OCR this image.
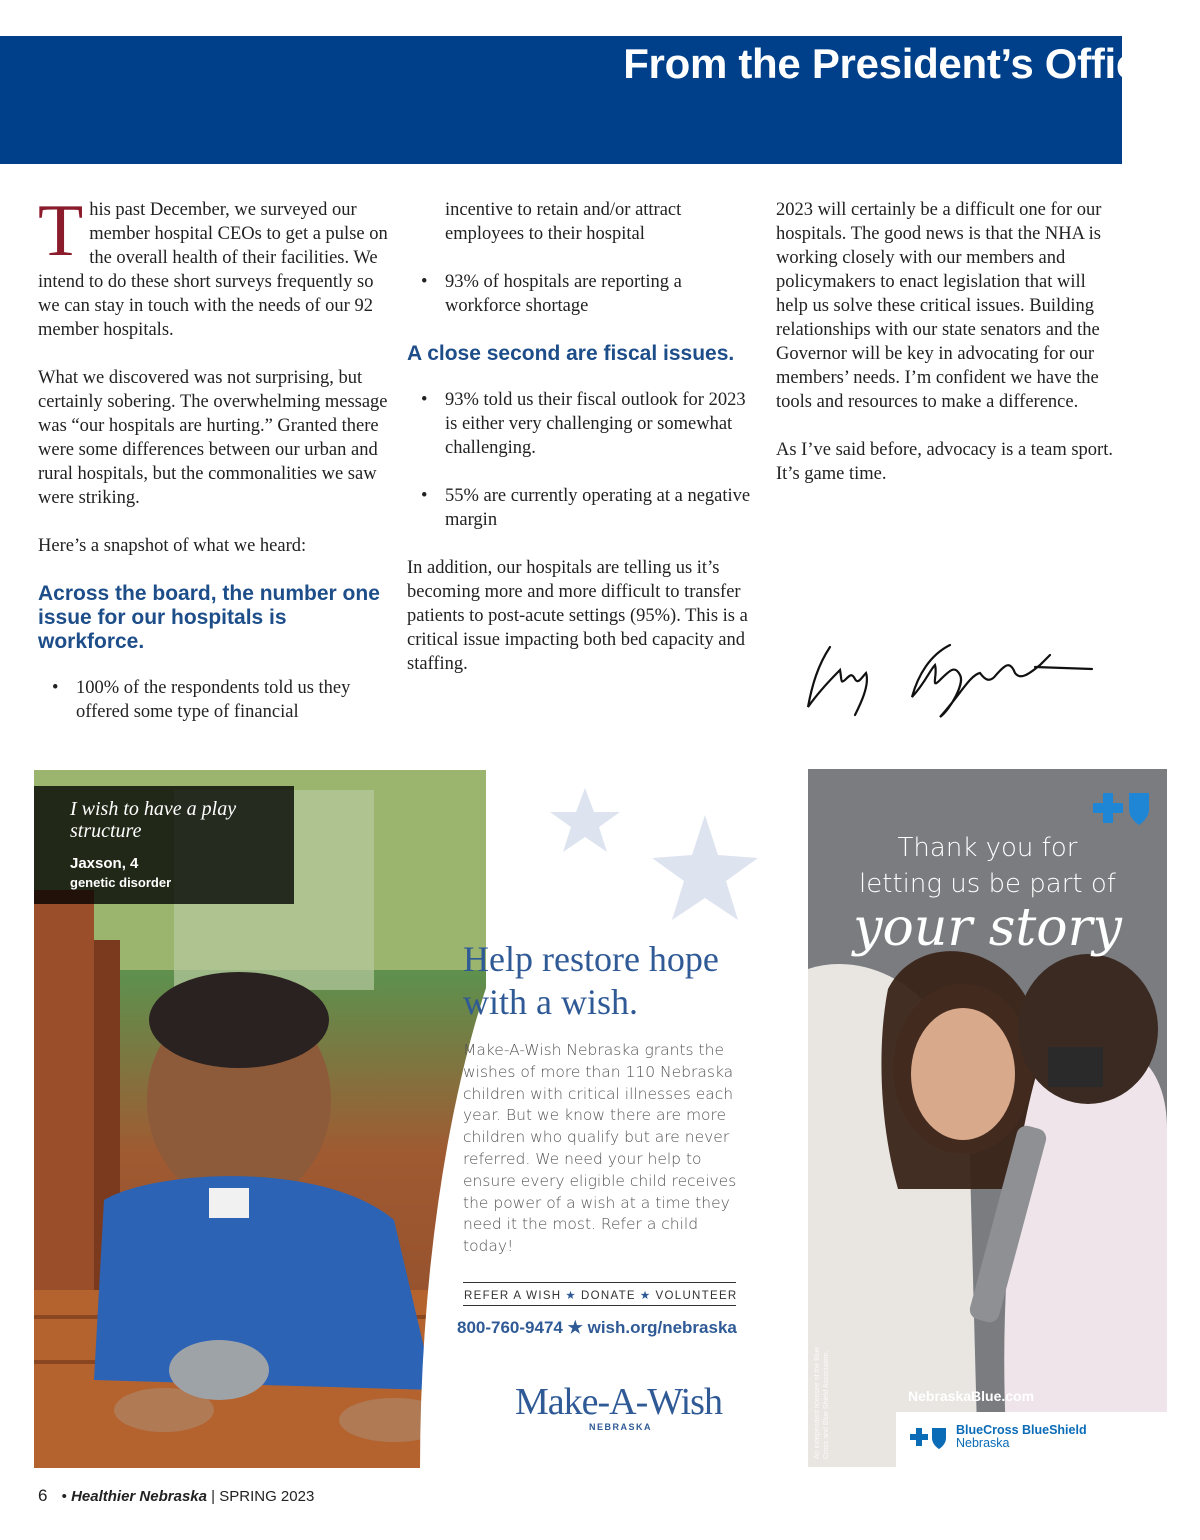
From the President’s Office

This past December, we surveyed our member hospital CEOs to get a pulse on the overall health of their facilities. We intend to do these short surveys frequently so we can stay in touch with the needs of our 92 member hospitals.

What we discovered was not surprising, but certainly sobering. The overwhelming message was “our hospitals are hurting.” Granted there were some differences between our urban and rural hospitals, but the commonalities we saw were striking.

Here’s a snapshot of what we heard:

Across the board, the number one issue for our hospitals is workforce.
• 100% of the respondents told us they offered some type of financial
incentive to retain and/or attract employees to their hospital
• 93% of hospitals are reporting a workforce shortage
A close second are fiscal issues.
• 93% told us their fiscal outlook for 2023 is either very challenging or somewhat challenging.
• 55% are currently operating at a negative margin

In addition, our hospitals are telling us it’s becoming more and more difficult to transfer patients to post-acute settings (95%). This is a critical issue impacting both bed capacity and staffing.

2023 will certainly be a difficult one for our hospitals. The good news is that the NHA is working closely with our members and policymakers to enact legislation that will help us solve these critical issues. Building relationships with our state senators and the Governor will be key in advocating for our members’ needs. I’m confident we have the tools and resources to make a difference.

As I’ve said before, advocacy is a team sport. It’s game time.

I wish to have a play structure
Jaxson, 4
genetic disorder
Help restore hope with a wish.
Make-A-Wish Nebraska grants the wishes of more than 110 Nebraska children with critical illnesses each year. But we know there are more children who qualify but are never referred. We need your help to ensure every eligible child receives the power of a wish at a time they need it the most. Refer a child today!
REFER A WISH ★ DONATE ★ VOLUNTEER
800-760-9474 ★ wish.org/nebraska
Make-A-Wish
NEBRASKA
Thank you for
letting us be part of
your story
NebraskaBlue.com
An independent licensee of the Blue Cross and Blue Shield Association.	BlueCross BlueShield
Nebraska
6 • Healthier Nebraska | SPRING 2023
